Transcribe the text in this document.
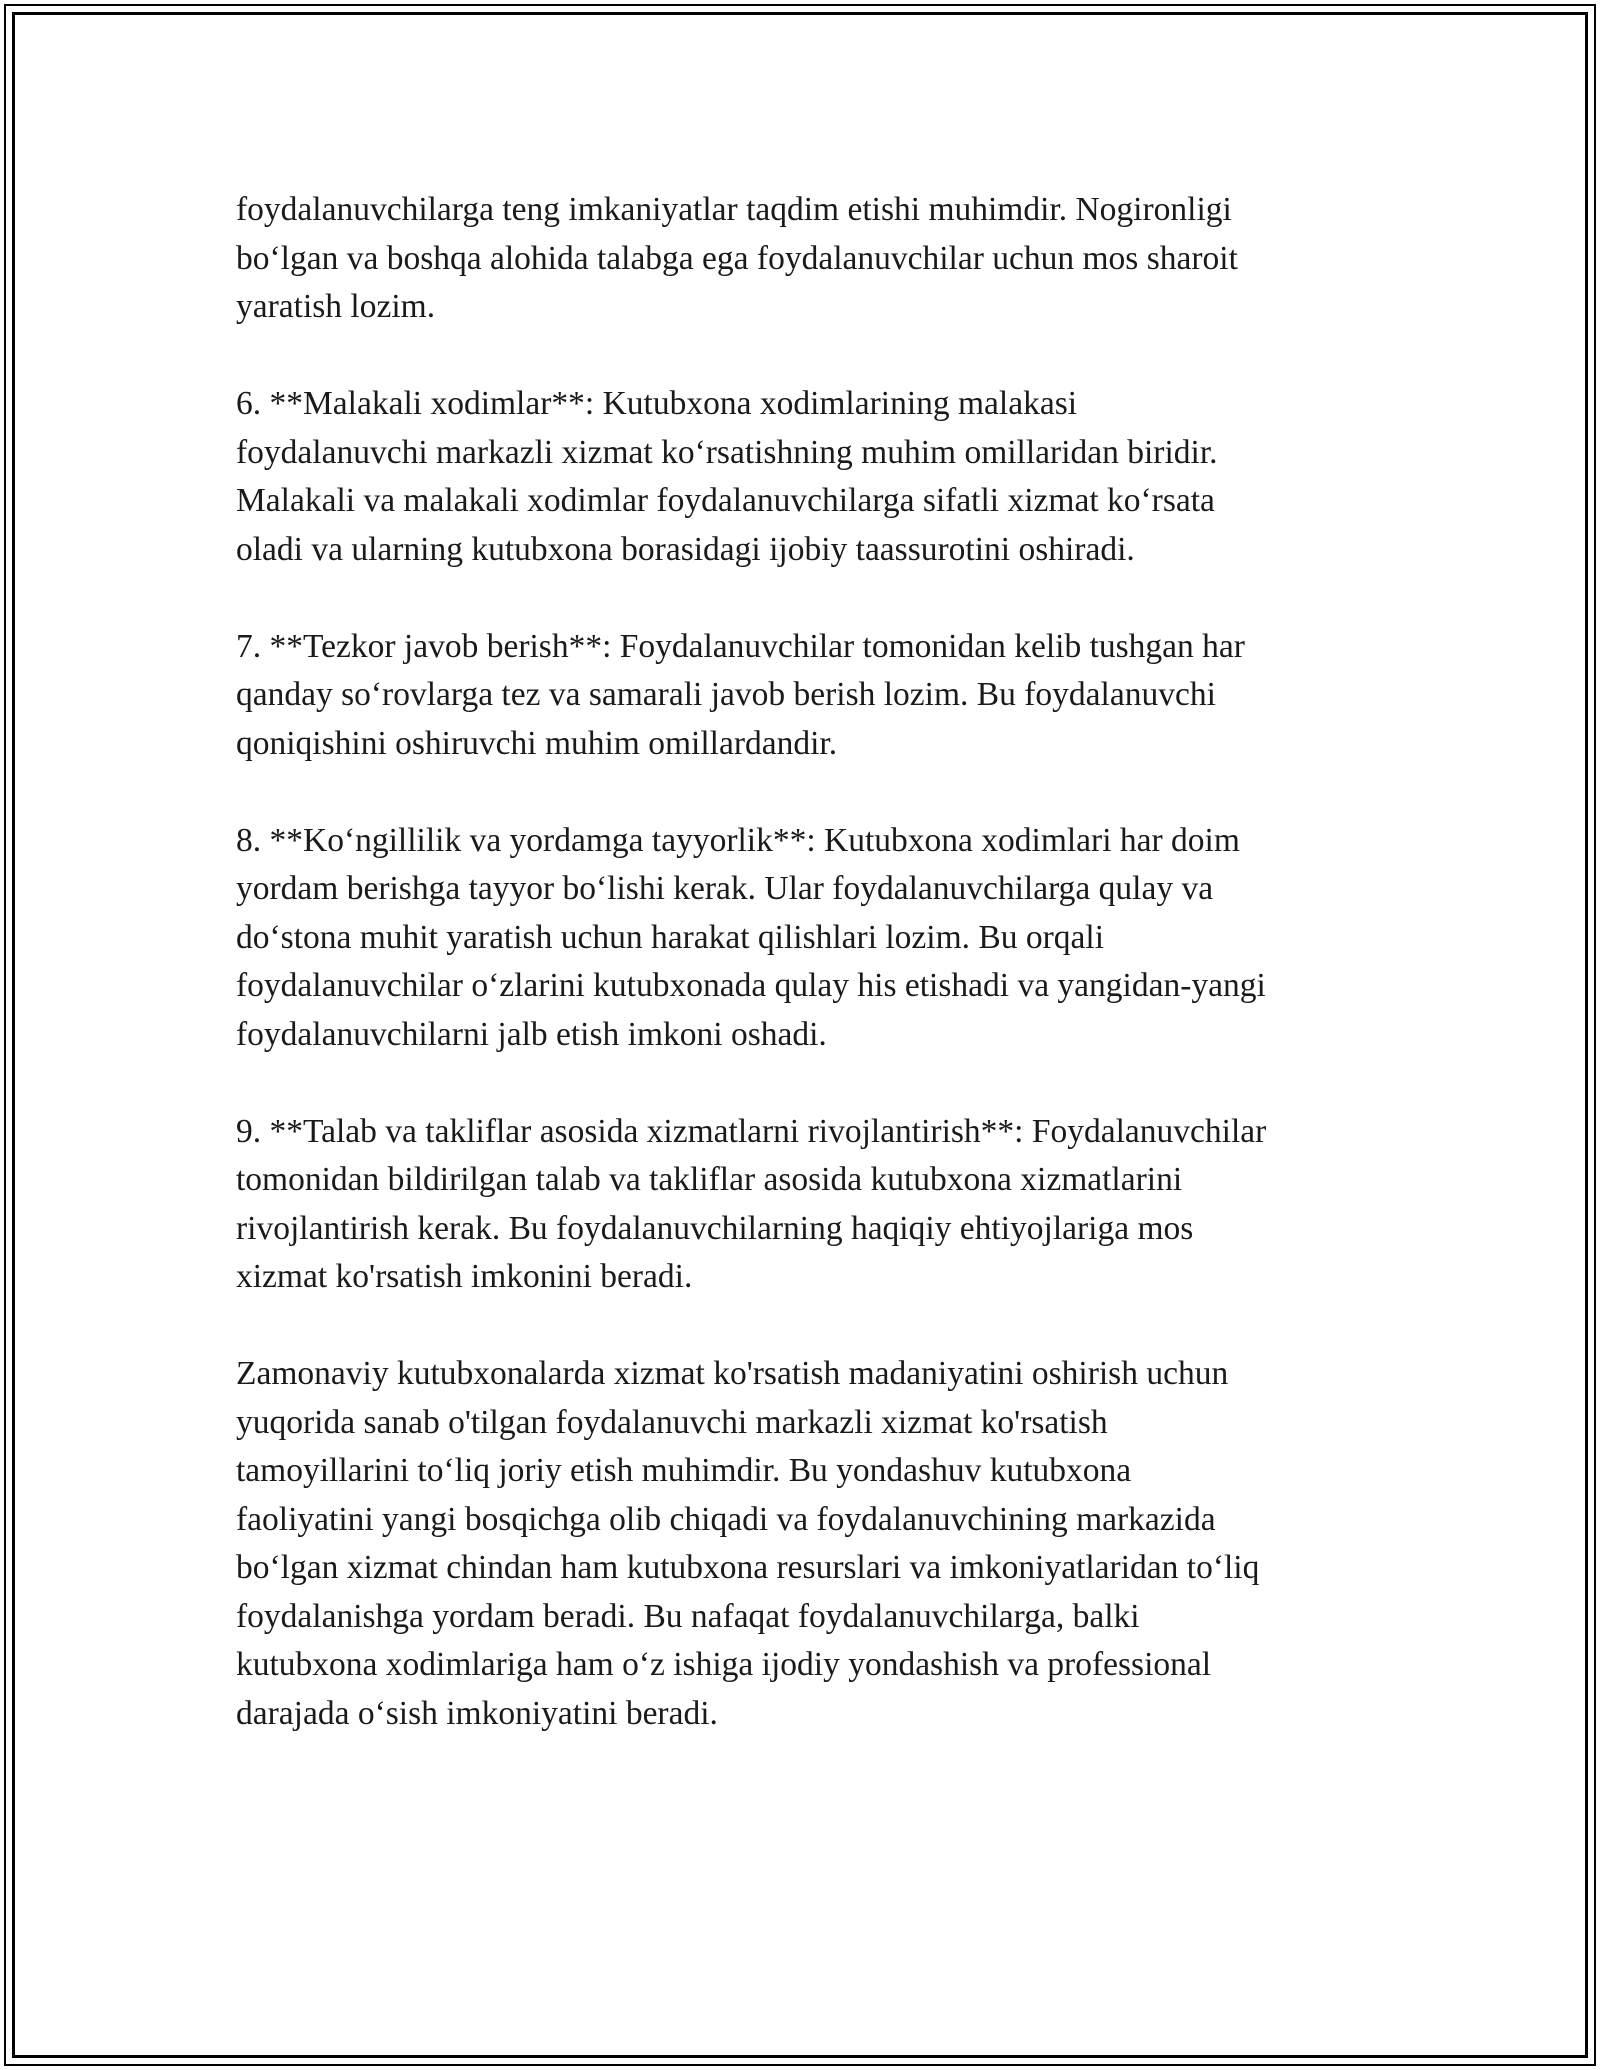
foydalanuvchilarga teng imkaniyatlar taqdim etishi muhimdir. Nogironligi
bo‘lgan va boshqa alohida talabga ega foydalanuvchilar uchun mos sharoit
yaratish lozim.

6. **Malakali xodimlar**: Kutubxona xodimlarining malakasi
foydalanuvchi markazli xizmat ko‘rsatishning muhim omillaridan biridir.
Malakali va malakali xodimlar foydalanuvchilarga sifatli xizmat ko‘rsata
oladi va ularning kutubxona borasidagi ijobiy taassurotini oshiradi.

7. **Tezkor javob berish**: Foydalanuvchilar tomonidan kelib tushgan har
qanday so‘rovlarga tez va samarali javob berish lozim. Bu foydalanuvchi
qoniqishini oshiruvchi muhim omillardandir.

8. **Ko‘ngillilik va yordamga tayyorlik**: Kutubxona xodimlari har doim
yordam berishga tayyor bo‘lishi kerak. Ular foydalanuvchilarga qulay va
do‘stona muhit yaratish uchun harakat qilishlari lozim. Bu orqali
foydalanuvchilar o‘zlarini kutubxonada qulay his etishadi va yangidan-yangi
foydalanuvchilarni jalb etish imkoni oshadi.

9. **Talab va takliflar asosida xizmatlarni rivojlantirish**: Foydalanuvchilar
tomonidan bildirilgan talab va takliflar asosida kutubxona xizmatlarini
rivojlantirish kerak. Bu foydalanuvchilarning haqiqiy ehtiyojlariga mos
xizmat ko'rsatish imkonini beradi.

Zamonaviy kutubxonalarda xizmat ko'rsatish madaniyatini oshirish uchun
yuqorida sanab o'tilgan foydalanuvchi markazli xizmat ko'rsatish
tamoyillarini to‘liq joriy etish muhimdir. Bu yondashuv kutubxona
faoliyatini yangi bosqichga olib chiqadi va foydalanuvchining markazida
bo‘lgan xizmat chindan ham kutubxona resurslari va imkoniyatlaridan to‘liq
foydalanishga yordam beradi. Bu nafaqat foydalanuvchilarga, balki
kutubxona xodimlariga ham o‘z ishiga ijodiy yondashish va professional
darajada o‘sish imkoniyatini beradi.
